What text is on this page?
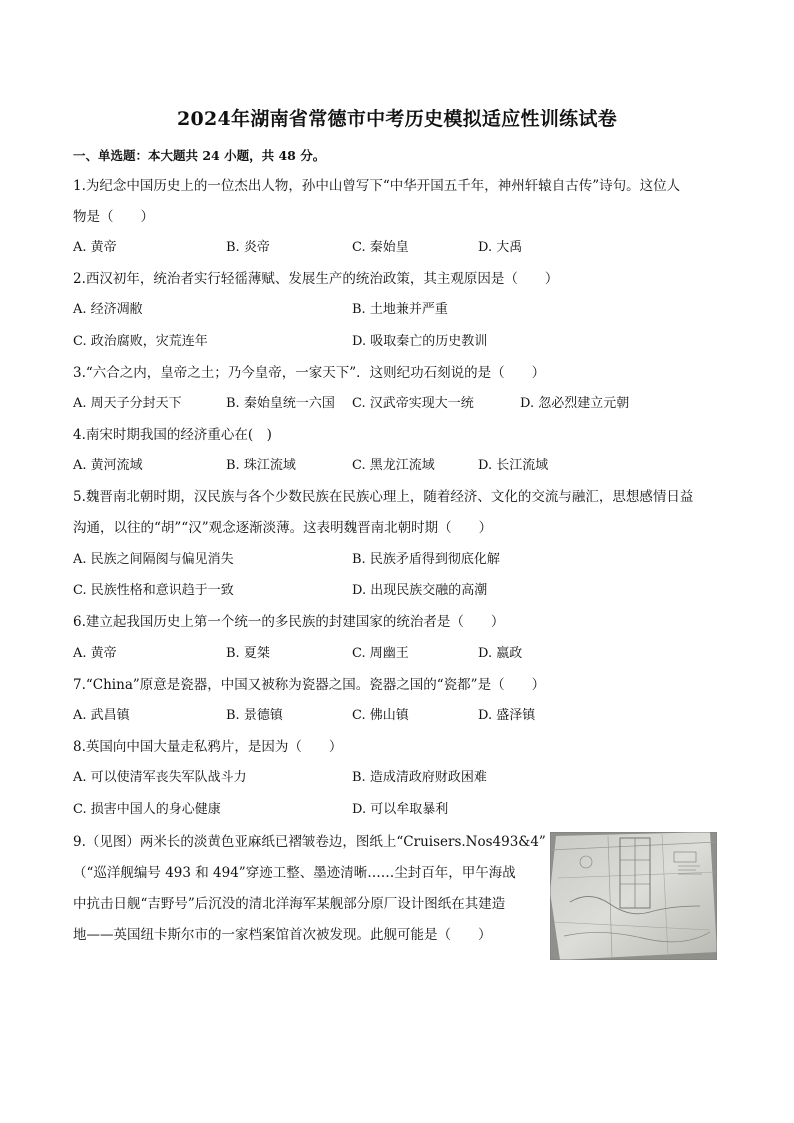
2024年湖南省常德市中考历史模拟适应性训练试卷
一、单选题：本大题共 24 小题，共 48 分。
1.为纪念中国历史上的一位杰出人物，孙中山曾写下“中华开国五千年，神州轩辕自古传”诗句。这位人
物是（　　）
A. 黄帝	B. 炎帝	C. 秦始皇	D. 大禹
2.西汉初年，统治者实行轻徭薄赋、发展生产的统治政策，其主观原因是（　　）
A. 经济凋敝	B. 土地兼并严重
C. 政治腐败，灾荒连年	D. 吸取秦亡的历史教训
3.“六合之内，皇帝之土；乃今皇帝，一家天下”．这则纪功石刻说的是（　　）
A. 周天子分封天下	B. 秦始皇统一六国 C. 汉武帝实现大一统	D. 忽必烈建立元朝
4.南宋时期我国的经济重心在(　)
A. 黄河流域	B. 珠江流域	C. 黑龙江流域	D. 长江流域
5.魏晋南北朝时期，汉民族与各个少数民族在民族心理上，随着经济、文化的交流与融汇，思想感情日益
沟通，以往的“胡”“汉”观念逐渐淡薄。这表明魏晋南北朝时期（　　）
A. 民族之间隔阂与偏见消失	B. 民族矛盾得到彻底化解
C. 民族性格和意识趋于一致	D. 出现民族交融的高潮
6.建立起我国历史上第一个统一的多民族的封建国家的统治者是（　　）
A. 黄帝	B. 夏桀	C. 周幽王	D. 嬴政
7.“China”原意是瓷器，中国又被称为瓷器之国。瓷器之国的“瓷都”是（　　）
A. 武昌镇	B. 景德镇	C. 佛山镇	D. 盛泽镇
8.英国向中国大量走私鸦片，是因为（　　）
A. 可以使清军丧失军队战斗力	B. 造成清政府财政困难
C. 损害中国人的身心健康	D. 可以牟取暴利
9.（见图）两米长的淡黄色亚麻纸已褶皱卷边，图纸上“Cruisers.Nos493&4”
（“巡洋舰编号 493 和 494”穿迹工整、墨迹清晰……尘封百年，甲午海战
中抗击日舰“吉野号”后沉没的清北洋海军某舰部分原厂设计图纸在其建造
地——英国纽卡斯尔市的一家档案馆首次被发现。此舰可能是（　　）
